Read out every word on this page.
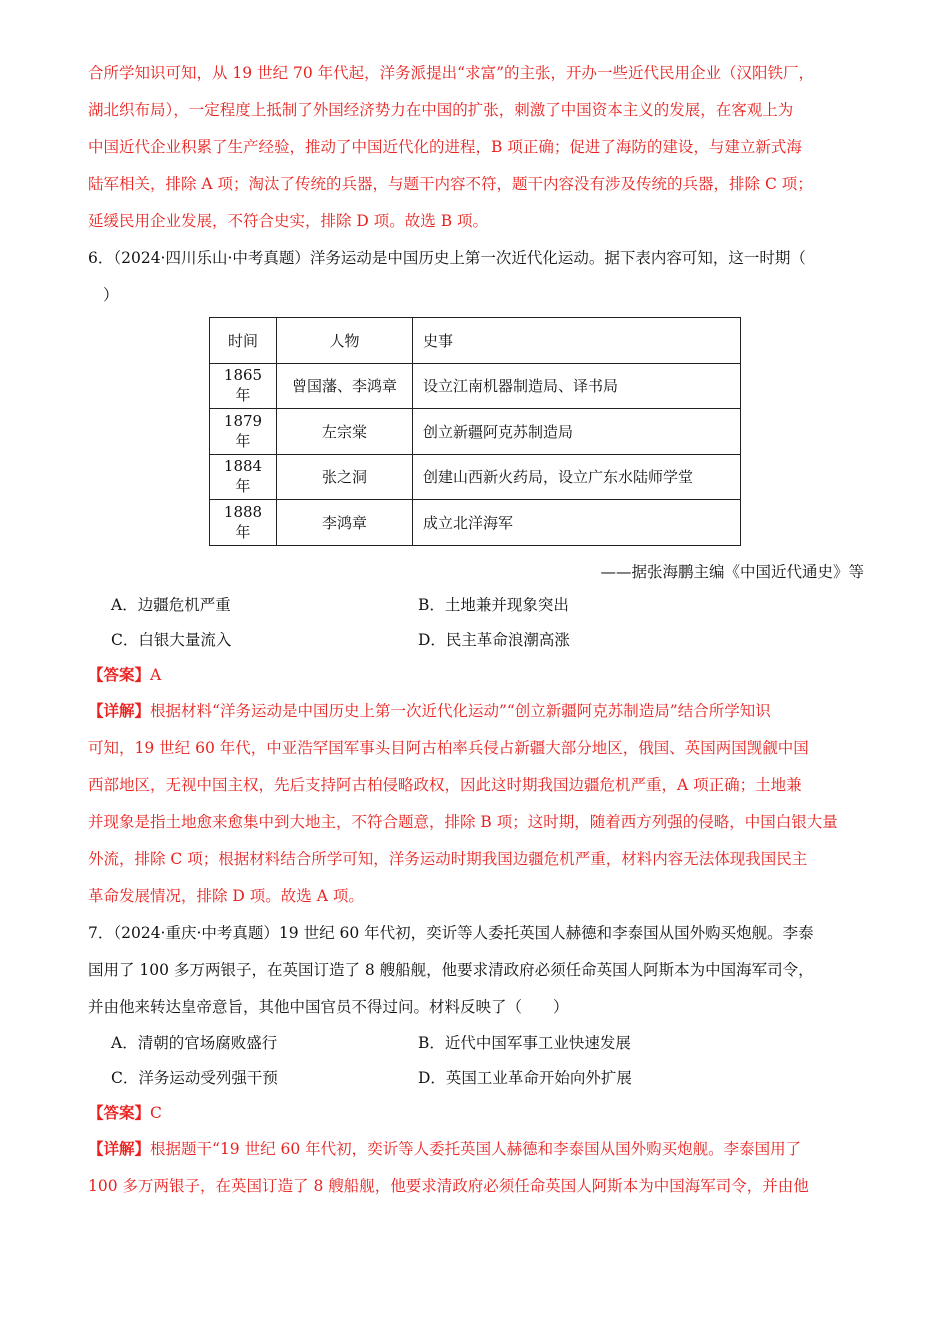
合所学知识可知，从 19 世纪 70 年代起，洋务派提出“求富”的主张，开办一些近代民用企业（汉阳铁厂，
湖北织布局），一定程度上抵制了外国经济势力在中国的扩张，刺激了中国资本主义的发展，在客观上为
中国近代企业积累了生产经验，推动了中国近代化的进程，B 项正确；促进了海防的建设，与建立新式海
陆军相关，排除 A 项；淘汰了传统的兵器，与题干内容不符，题干内容没有涉及传统的兵器，排除 C 项；
延缓民用企业发展，不符合史实，排除 D 项。故选 B 项。
6．（2024·四川乐山·中考真题）洋务运动是中国历史上第一次近代化运动。据下表内容可知，这一时期（
）
时间	人物	史事
1865 年	曾国藩、李鸿章	设立江南机器制造局、译书局
1879 年	左宗棠	创立新疆阿克苏制造局
1884 年	张之洞	创建山西新火药局，设立广东水陆师学堂
1888 年	李鸿章	成立北洋海军
——据张海鹏主编《中国近代通史》等
A．边疆危机严重	B．土地兼并现象突出
C．白银大量流入	D．民主革命浪潮高涨
【答案】A
【详解】根据材料“洋务运动是中国历史上第一次近代化运动”“创立新疆阿克苏制造局”结合所学知识
可知，19 世纪 60 年代，中亚浩罕国军事头目阿古柏率兵侵占新疆大部分地区，俄国、英国两国觊觎中国
西部地区，无视中国主权，先后支持阿古柏侵略政权，因此这时期我国边疆危机严重，A 项正确；土地兼
并现象是指土地愈来愈集中到大地主，不符合题意，排除 B 项；这时期，随着西方列强的侵略，中国白银大量
外流，排除 C 项；根据材料结合所学可知，洋务运动时期我国边疆危机严重，材料内容无法体现我国民主
革命发展情况，排除 D 项。故选 A 项。
7．（2024·重庆·中考真题）19 世纪 60 年代初，奕䜣等人委托英国人赫德和李泰国从国外购买炮舰。李泰
国用了 100 多万两银子，在英国订造了 8 艘船舰，他要求清政府必须任命英国人阿斯本为中国海军司令，
并由他来转达皇帝意旨，其他中国官员不得过问。材料反映了（　　）
A．清朝的官场腐败盛行	B．近代中国军事工业快速发展
C．洋务运动受列强干预	D．英国工业革命开始向外扩展
【答案】C
【详解】根据题干“19 世纪 60 年代初，奕䜣等人委托英国人赫德和李泰国从国外购买炮舰。李泰国用了
100 多万两银子，在英国订造了 8 艘船舰，他要求清政府必须任命英国人阿斯本为中国海军司令，并由他
